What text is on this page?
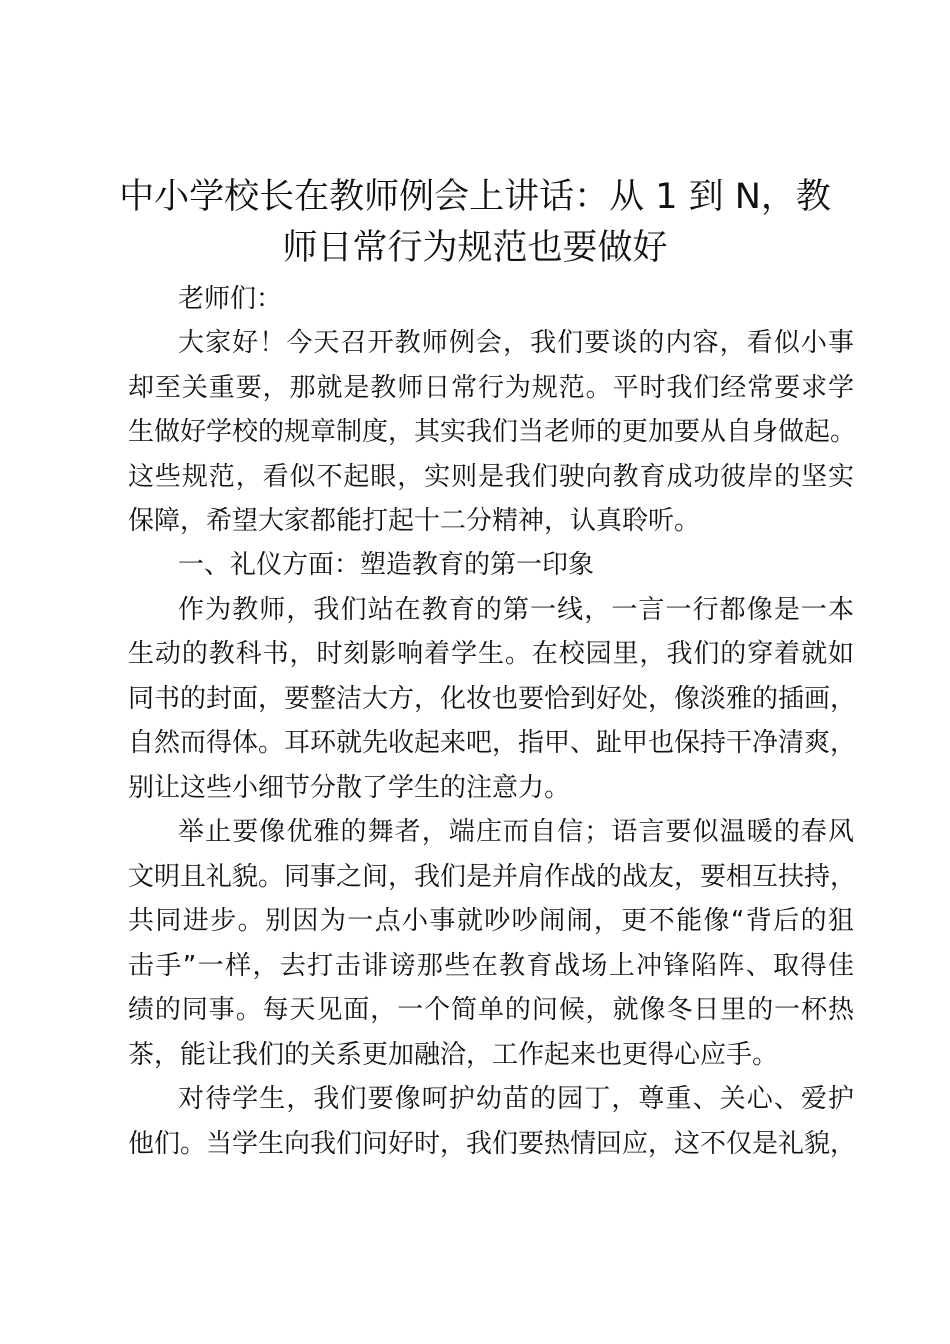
中小学校长在教师例会上讲话：从 1 到 N，教
师日常行为规范也要做好

老师们：

大家好！今天召开教师例会，我们要谈的内容，看似小事

却至关重要，那就是教师日常行为规范。平时我们经常要求学

生做好学校的规章制度，其实我们当老师的更加要从自身做起。

这些规范，看似不起眼，实则是我们驶向教育成功彼岸的坚实

保障，希望大家都能打起十二分精神，认真聆听。

一、礼仪方面：塑造教育的第一印象

作为教师，我们站在教育的第一线，一言一行都像是一本

生动的教科书，时刻影响着学生。在校园里，我们的穿着就如

同书的封面，要整洁大方，化妆也要恰到好处，像淡雅的插画，

自然而得体。耳环就先收起来吧，指甲、趾甲也保持干净清爽，

别让这些小细节分散了学生的注意力。

举止要像优雅的舞者，端庄而自信；语言要似温暖的春风

文明且礼貌。同事之间，我们是并肩作战的战友，要相互扶持，

共同进步。别因为一点小事就吵吵闹闹，更不能像“背后的狙

击手”一样，去打击诽谤那些在教育战场上冲锋陷阵、取得佳

绩的同事。每天见面，一个简单的问候，就像冬日里的一杯热

茶，能让我们的关系更加融洽，工作起来也更得心应手。

对待学生，我们要像呵护幼苗的园丁，尊重、关心、爱护

他们。当学生向我们问好时，我们要热情回应，这不仅是礼貌，
